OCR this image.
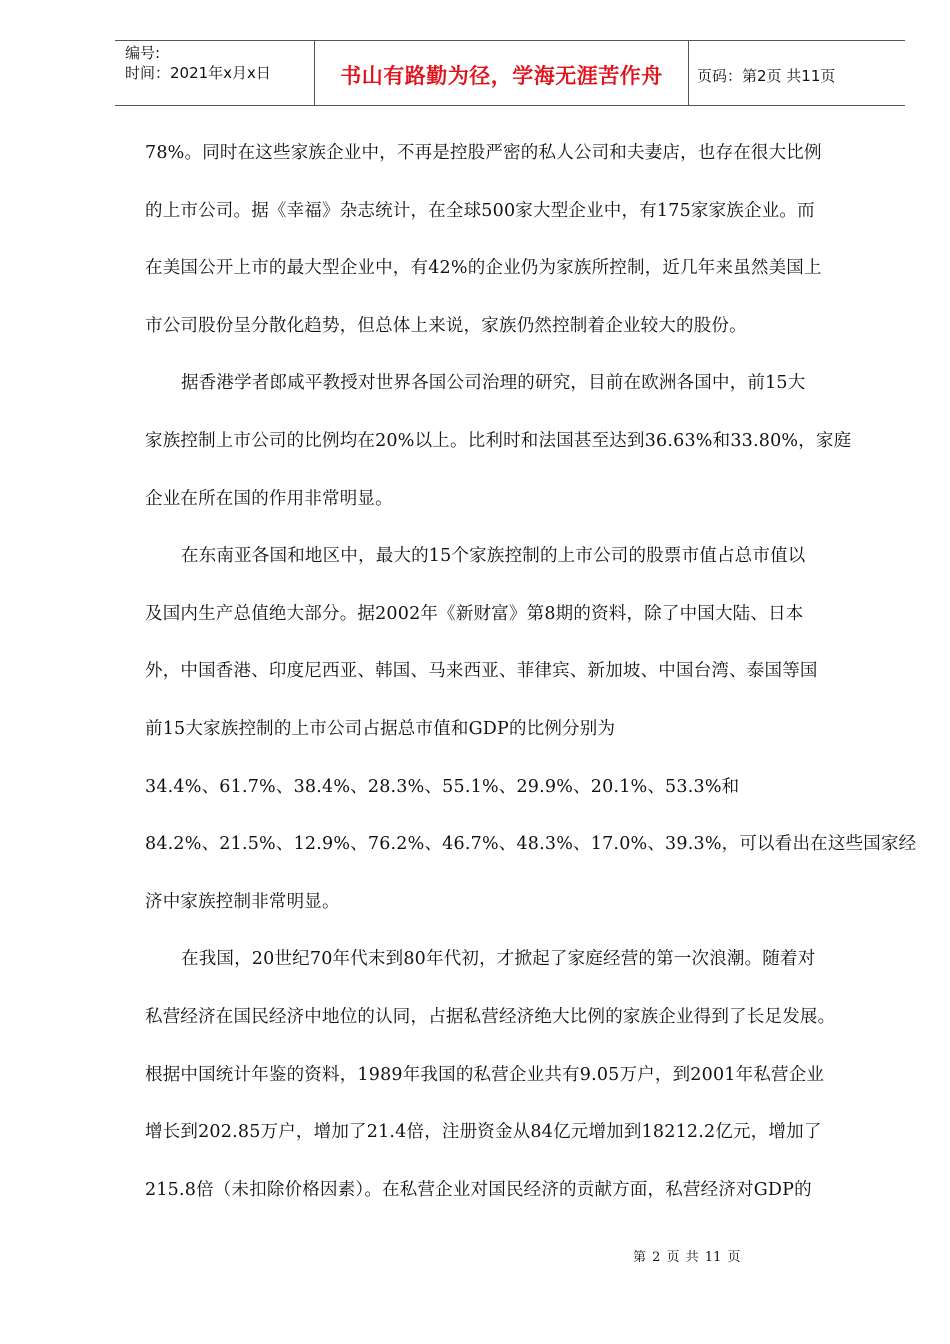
编号:
时间：2021年x月x日	书山有路勤为径，学海无涯苦作舟	页码：第2页 共11页
78%。同时在这些家族企业中，不再是控股严密的私人公司和夫妻店，也存在很大比例
的上市公司。据《幸福》杂志统计，在全球500家大型企业中，有175家家族企业。而
在美国公开上市的最大型企业中，有42%的企业仍为家族所控制，近几年来虽然美国上
市公司股份呈分散化趋势，但总体上来说，家族仍然控制着企业较大的股份。
据香港学者郎咸平教授对世界各国公司治理的研究，目前在欧洲各国中，前15大
家族控制上市公司的比例均在20%以上。比利时和法国甚至达到36.63%和33.80%，家庭
企业在所在国的作用非常明显。
在东南亚各国和地区中，最大的15个家族控制的上市公司的股票市值占总市值以
及国内生产总值绝大部分。据2002年《新财富》第8期的资料，除了中国大陆、日本
外，中国香港、印度尼西亚、韩国、马来西亚、菲律宾、新加坡、中国台湾、泰国等国
前15大家族控制的上市公司占据总市值和GDP的比例分别为
34.4%、61.7%、38.4%、28.3%、55.1%、29.9%、20.1%、53.3%和
84.2%、21.5%、12.9%、76.2%、46.7%、48.3%、17.0%、39.3%，可以看出在这些国家经
济中家族控制非常明显。
在我国，20世纪70年代末到80年代初，才掀起了家庭经营的第一次浪潮。随着对
私营经济在国民经济中地位的认同，占据私营经济绝大比例的家族企业得到了长足发展。
根据中国统计年鉴的资料，1989年我国的私营企业共有9.05万户，到2001年私营企业
增长到202.85万户，增加了21.4倍，注册资金从84亿元增加到18212.2亿元，增加了
215.8倍（未扣除价格因素）。在私营企业对国民经济的贡献方面，私营经济对GDP的
第 2 页 共 11 页
